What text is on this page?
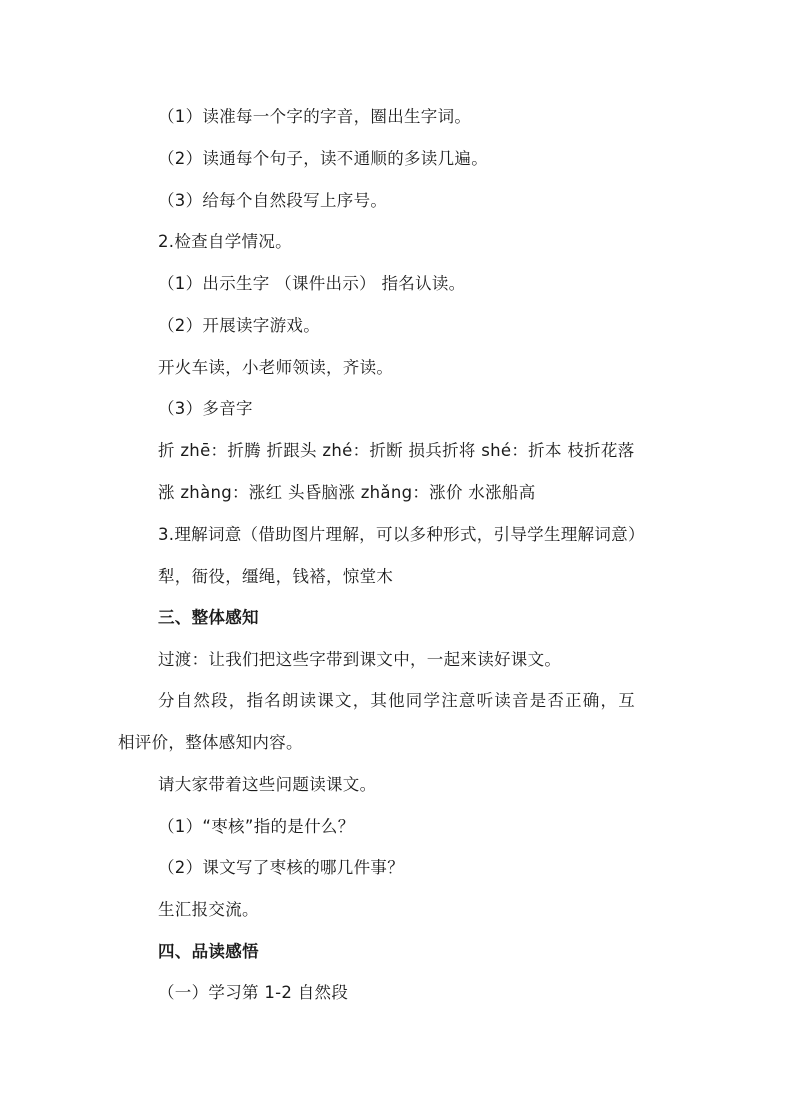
（1）读准每一个字的字音，圈出生字词。
（2）读通每个句子，读不通顺的多读几遍。
（3）给每个自然段写上序号。
2.检查自学情况。
（1）出示生字 （课件出示） 指名认读。
（2）开展读字游戏。
开火车读，小老师领读，齐读。
（3）多音字
折 zhē：折腾 折跟头 zhé：折断 损兵折将 shé：折本 枝折花落
涨 zhàng：涨红 头昏脑涨 zhǎng：涨价 水涨船高
3.理解词意（借助图片理解，可以多种形式，引导学生理解词意）
犁，衙役，缰绳，钱褡，惊堂木
三、整体感知
过渡：让我们把这些字带到课文中，一起来读好课文。
分自然段，指名朗读课文，其他同学注意听读音是否正确，互
相评价，整体感知内容。
请大家带着这些问题读课文。
（1）“枣核”指的是什么？
（2）课文写了枣核的哪几件事？
生汇报交流。
四、品读感悟
（一）学习第 1-2 自然段
